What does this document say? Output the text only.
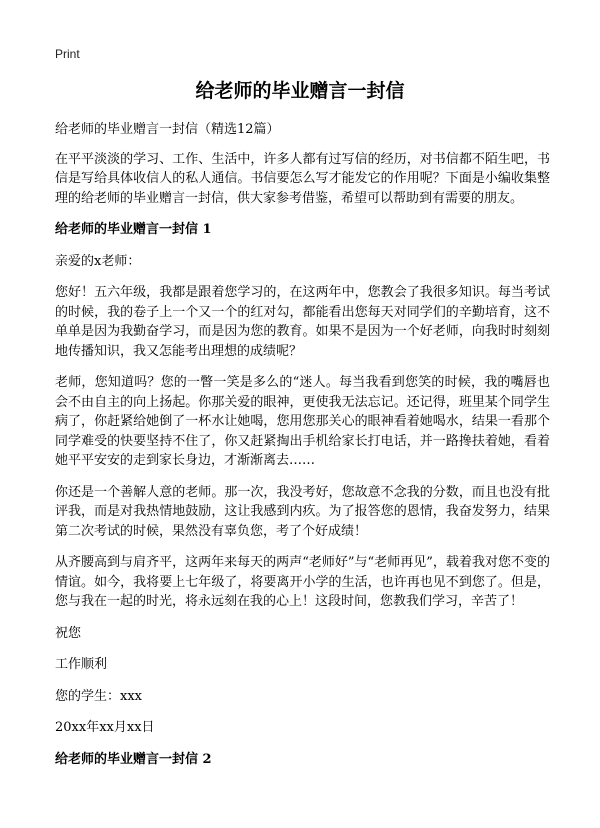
Print
给老师的毕业赠言一封信

给老师的毕业赠言一封信（精选12篇）

在平平淡淡的学习、工作、生活中，许多人都有过写信的经历，对书信都不陌生吧，书信是写给具体收信人的私人通信。书信要怎么写才能发它的作用呢？下面是小编收集整理的给老师的毕业赠言一封信，供大家参考借鉴，希望可以帮助到有需要的朋友。

给老师的毕业赠言一封信 1

亲爱的x老师：

您好！五六年级，我都是跟着您学习的，在这两年中，您教会了我很多知识。每当考试的时候，我的卷子上一个又一个的红对勾，都能看出您每天对同学们的辛勤培育，这不单单是因为我勤奋学习，而是因为您的教育。如果不是因为一个好老师，向我时时刻刻地传播知识，我又怎能考出理想的成绩呢？

老师，您知道吗？您的一瞥一笑是多么的“迷人。每当我看到您笑的时候，我的嘴唇也会不由自主的向上扬起。你那关爱的眼神，更使我无法忘记。还记得，班里某个同学生病了，你赶紧给她倒了一杯水让她喝，您用您那关心的眼神看着她喝水，结果一看那个同学难受的快要坚持不住了，你又赶紧掏出手机给家长打电话，并一路搀扶着她，看着她平平安安的走到家长身边，才渐渐离去……

你还是一个善解人意的老师。那一次，我没考好，您故意不念我的分数，而且也没有批评我，而是对我热情地鼓励，这让我感到内疚。为了报答您的恩情，我奋发努力，结果第二次考试的时候，果然没有辜负您，考了个好成绩！

从齐腰高到与肩齐平，这两年来每天的两声“老师好”与“老师再见”，载着我对您不变的情谊。如今，我将要上七年级了，将要离开小学的生活，也许再也见不到您了。但是，您与我在一起的时光，将永远刻在我的心上！这段时间，您教我们学习，辛苦了！

祝您

工作顺利

您的学生：xxx

20xx年xx月xx日

给老师的毕业赠言一封信 2
